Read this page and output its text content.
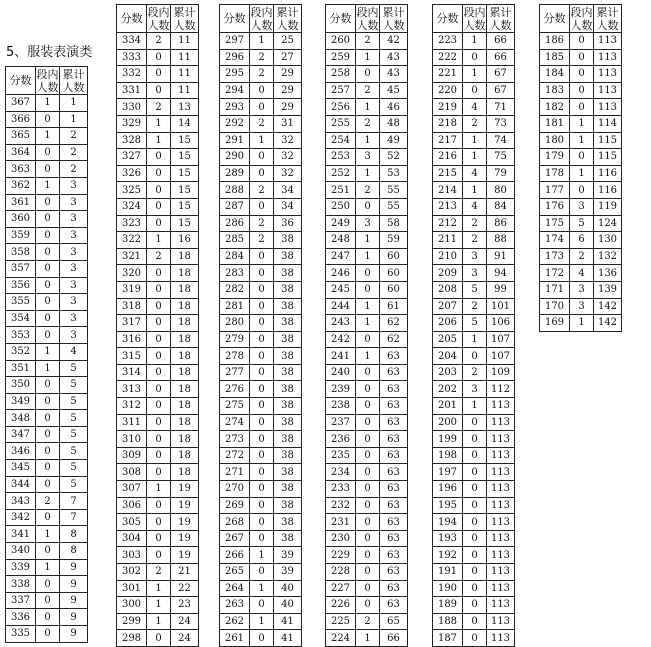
5、服装表演类
分数	段内人数	累计人数
367	1	1
366	0	1
365	1	2
364	0	2
363	0	2
362	1	3
361	0	3
360	0	3
359	0	3
358	0	3
357	0	3
356	0	3
355	0	3
354	0	3
353	0	3
352	1	4
351	1	5
350	0	5
349	0	5
348	0	5
347	0	5
346	0	5
345	0	5
344	0	5
343	2	7
342	0	7
341	1	8
340	0	8
339	1	9
338	0	9
337	0	9
336	0	9
335	0	9
分数	段内人数	累计人数
334	2	11
333	0	11
332	0	11
331	0	11
330	2	13
329	1	14
328	1	15
327	0	15
326	0	15
325	0	15
324	0	15
323	0	15
322	1	16
321	2	18
320	0	18
319	0	18
318	0	18
317	0	18
316	0	18
315	0	18
314	0	18
313	0	18
312	0	18
311	0	18
310	0	18
309	0	18
308	0	18
307	1	19
306	0	19
305	0	19
304	0	19
303	0	19
302	2	21
301	1	22
300	1	23
299	1	24
298	0	24
分数	段内人数	累计人数
297	1	25
296	2	27
295	2	29
294	0	29
293	0	29
292	2	31
291	1	32
290	0	32
289	0	32
288	2	34
287	0	34
286	2	36
285	2	38
284	0	38
283	0	38
282	0	38
281	0	38
280	0	38
279	0	38
278	0	38
277	0	38
276	0	38
275	0	38
274	0	38
273	0	38
272	0	38
271	0	38
270	0	38
269	0	38
268	0	38
267	0	38
266	1	39
265	0	39
264	1	40
263	0	40
262	1	41
261	0	41
分数	段内人数	累计人数
260	2	42
259	1	43
258	0	43
257	2	45
256	1	46
255	2	48
254	1	49
253	3	52
252	1	53
251	2	55
250	0	55
249	3	58
248	1	59
247	1	60
246	0	60
245	0	60
244	1	61
243	1	62
242	0	62
241	1	63
240	0	63
239	0	63
238	0	63
237	0	63
236	0	63
235	0	63
234	0	63
233	0	63
232	0	63
231	0	63
230	0	63
229	0	63
228	0	63
227	0	63
226	0	63
225	2	65
224	1	66
分数	段内人数	累计人数
223	1	66
222	0	66
221	1	67
220	0	67
219	4	71
218	2	73
217	1	74
216	1	75
215	4	79
214	1	80
213	4	84
212	2	86
211	2	88
210	3	91
209	3	94
208	5	99
207	2	101
206	5	106
205	1	107
204	0	107
203	2	109
202	3	112
201	1	113
200	0	113
199	0	113
198	0	113
197	0	113
196	0	113
195	0	113
194	0	113
193	0	113
192	0	113
191	0	113
190	0	113
189	0	113
188	0	113
187	0	113
分数	段内人数	累计人数
186	0	113
185	0	113
184	0	113
183	0	113
182	0	113
181	1	114
180	1	115
179	0	115
178	1	116
177	0	116
176	3	119
175	5	124
174	6	130
173	2	132
172	4	136
171	3	139
170	3	142
169	1	142
